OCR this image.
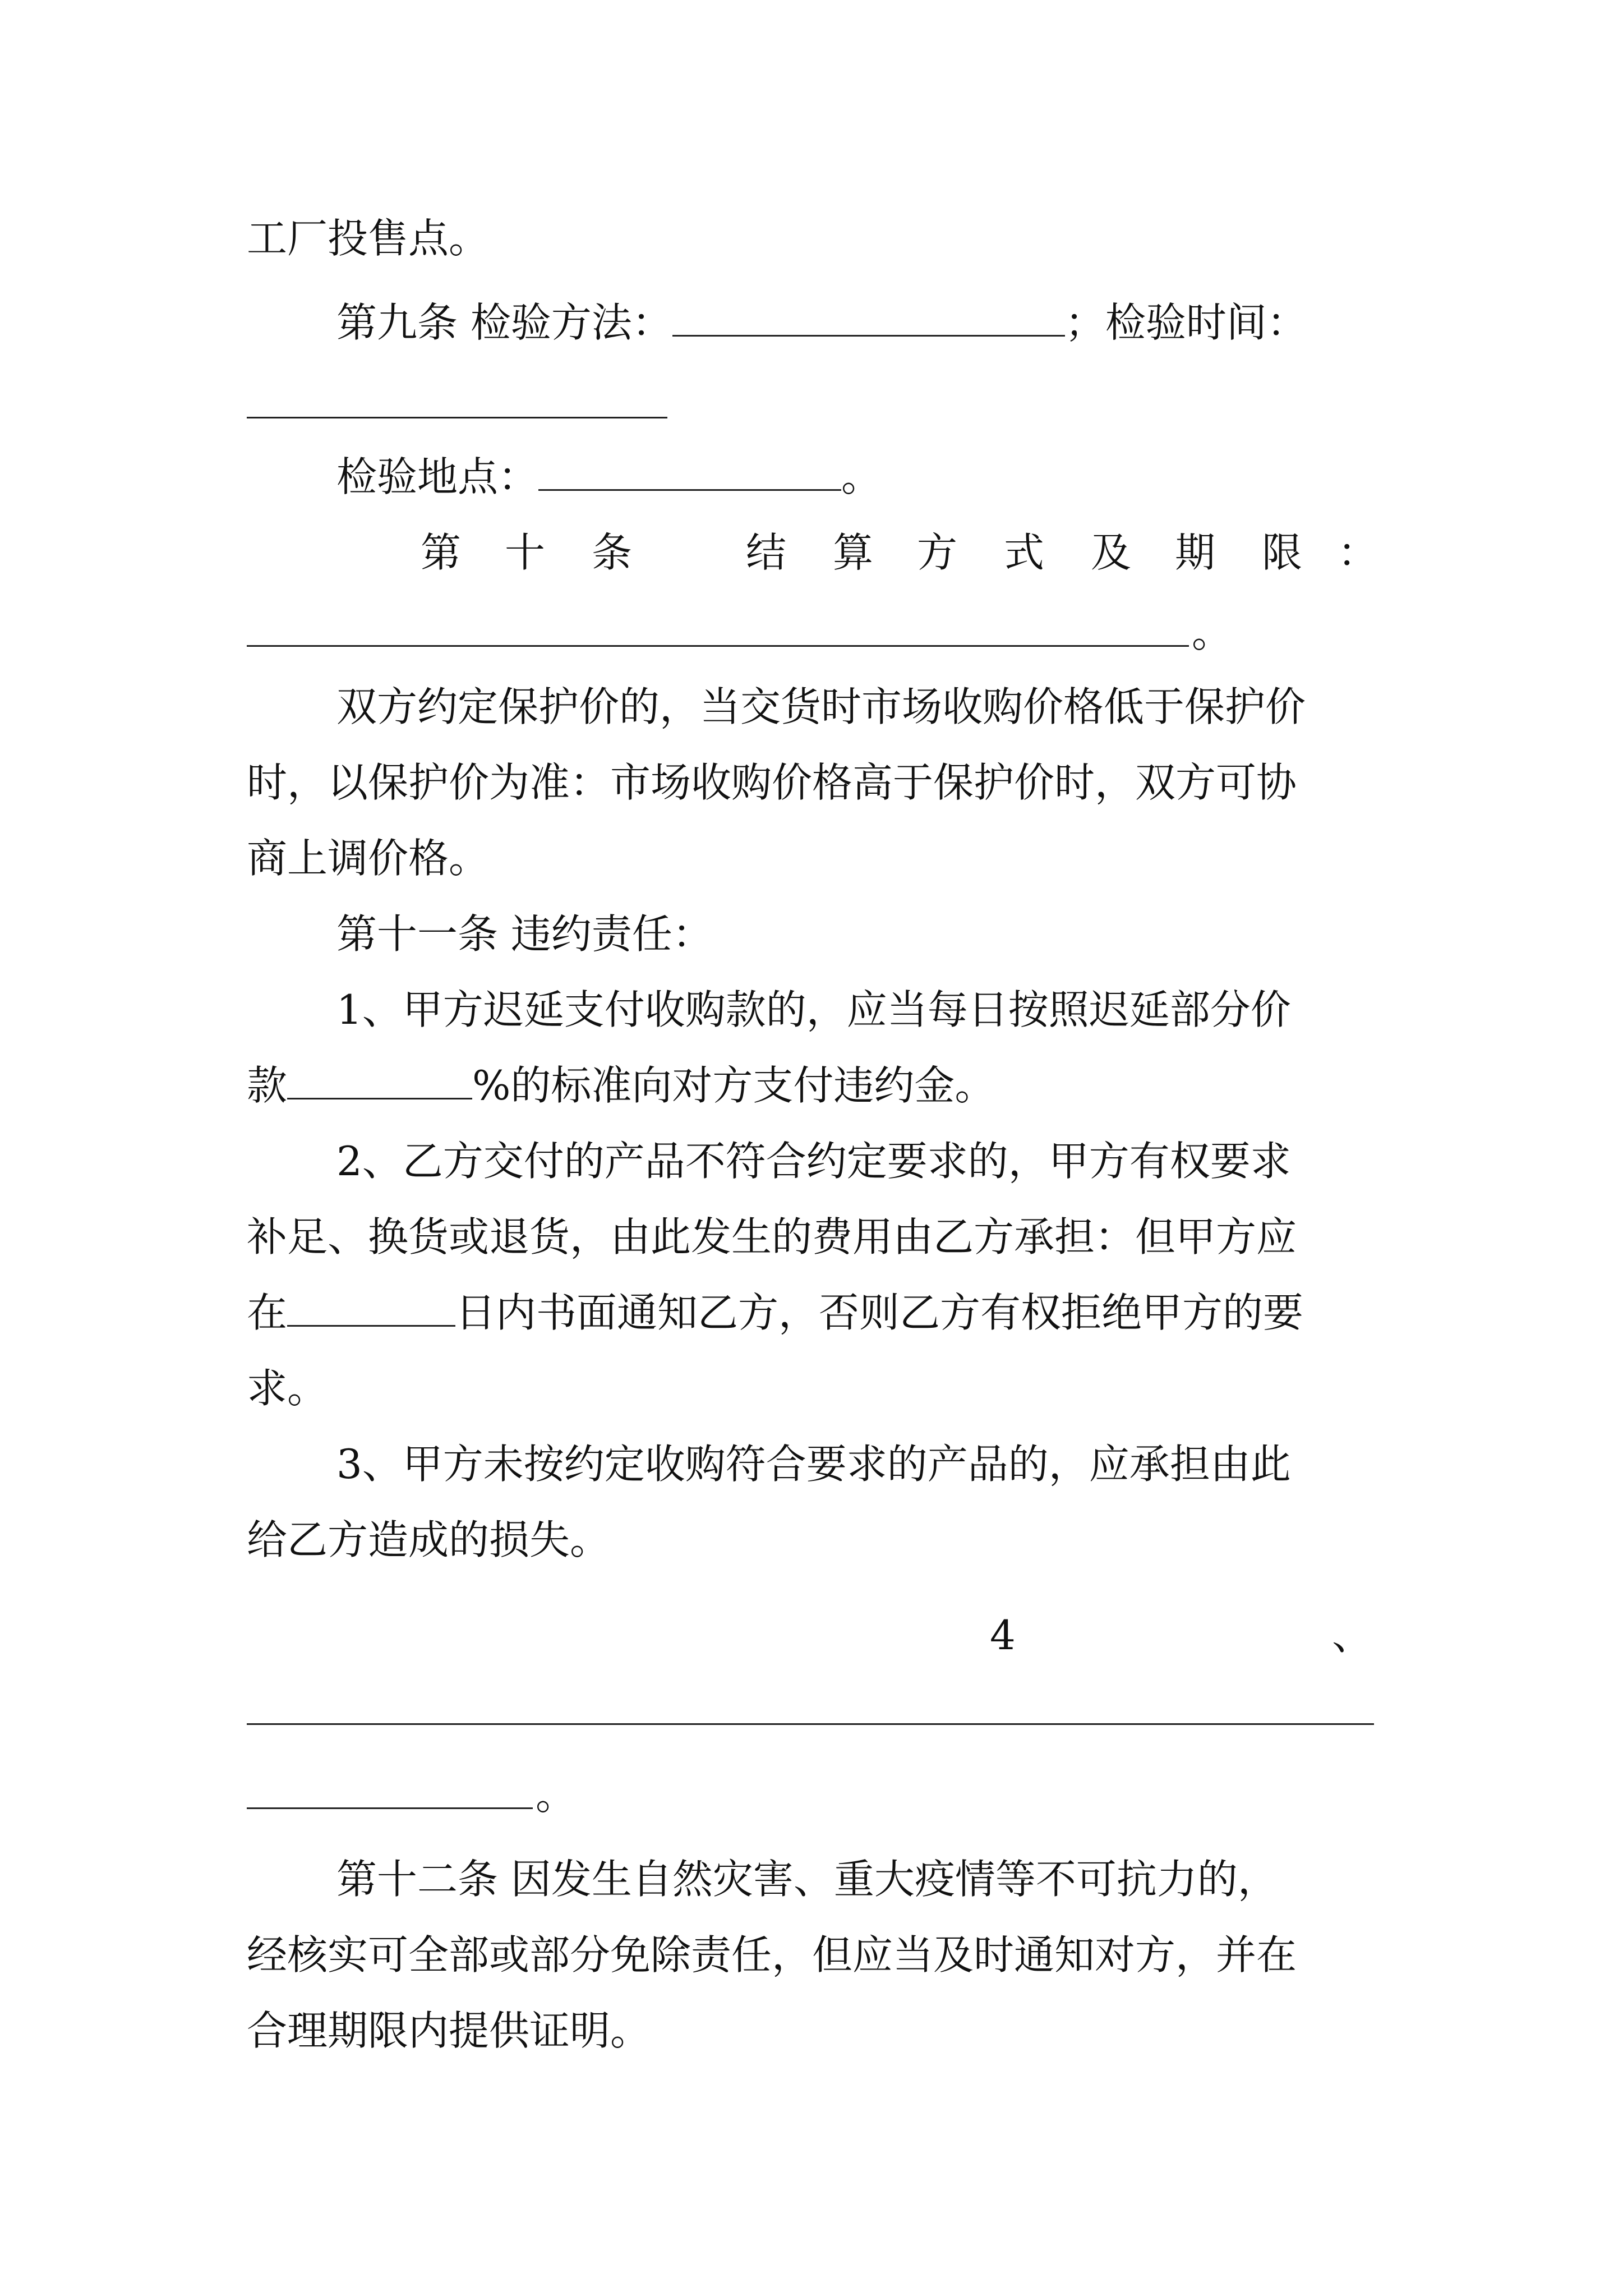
工厂投售点。
第九条 检验方法：	；检验时间：
检验地点：	。
第 十 条	结 算 方 式 及 期 限 ：
。
双方约定保护价的，当交货时市场收购价格低于保护价
时，以保护价为准：市场收购价格高于保护价时，双方可协
商上调价格。
第十一条 违约责任：
1、甲方迟延支付收购款的，应当每日按照迟延部分价
款	%的标准向对方支付违约金。
2、乙方交付的产品不符合约定要求的，甲方有权要求
补足、换货或退货，由此发生的费用由乙方承担：但甲方应
在	日内书面通知乙方，否则乙方有权拒绝甲方的要
求。
3、甲方未按约定收购符合要求的产品的，应承担由此
给乙方造成的损失。
4	、
。
第十二条 因发生自然灾害、重大疫情等不可抗力的，
经核实可全部或部分免除责任，但应当及时通知对方，并在
合理期限内提供证明。
